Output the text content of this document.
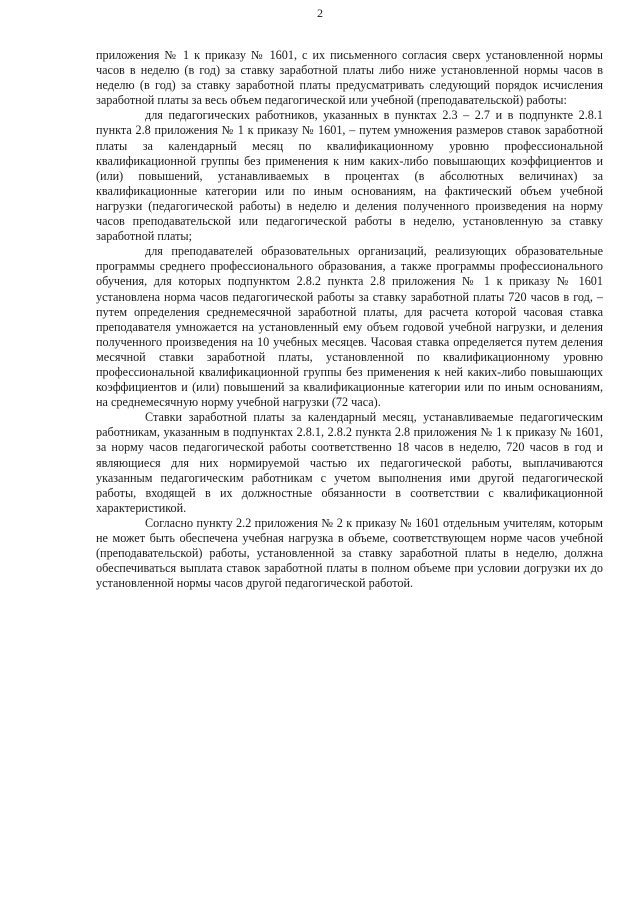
2

приложения № 1 к приказу № 1601, с их письменного согласия сверх установленной нормы часов в неделю (в год) за ставку заработной платы либо ниже установленной нормы часов в неделю (в год) за ставку заработной платы предусматривать следующий порядок исчисления заработной платы за весь объем педагогической или учебной (преподавательской) работы:

для педагогических работников, указанных в пунктах 2.3 – 2.7 и в подпункте 2.8.1 пункта 2.8 приложения № 1 к приказу № 1601, – путем умножения размеров ставок заработной платы за календарный месяц по квалификационному уровню профессиональной квалификационной группы без применения к ним каких-либо повышающих коэффициентов и (или) повышений, устанавливаемых в процентах (в абсолютных величинах) за квалификационные категории или по иным основаниям, на фактический объем учебной нагрузки (педагогической работы) в неделю и деления полученного произведения на норму часов преподавательской или педагогической работы в неделю, установленную за ставку заработной платы;

для преподавателей образовательных организаций, реализующих образовательные программы среднего профессионального образования, а также программы профессионального обучения, для которых подпунктом 2.8.2 пункта 2.8 приложения № 1 к приказу № 1601 установлена норма часов педагогической работы за ставку заработной платы 720 часов в год, – путем определения среднемесячной заработной платы, для расчета которой часовая ставка преподавателя умножается на установленный ему объем годовой учебной нагрузки, и деления полученного произведения на 10 учебных месяцев. Часовая ставка определяется путем деления месячной ставки заработной платы, установленной по квалификационному уровню профессиональной квалификационной группы без применения к ней каких-либо повышающих коэффициентов и (или) повышений за квалификационные категории или по иным основаниям, на среднемесячную норму учебной нагрузки (72 часа).

Ставки заработной платы за календарный месяц, устанавливаемые педагогическим работникам, указанным в подпунктах 2.8.1, 2.8.2 пункта 2.8 приложения № 1 к приказу № 1601, за норму часов педагогической работы соответственно 18 часов в неделю, 720 часов в год и являющиеся для них нормируемой частью их педагогической работы, выплачиваются указанным педагогическим работникам с учетом выполнения ими другой педагогической работы, входящей в их должностные обязанности в соответствии с квалификационной характеристикой.

Согласно пункту 2.2 приложения № 2 к приказу № 1601 отдельным учителям, которым не может быть обеспечена учебная нагрузка в объеме, соответствующем норме часов учебной (преподавательской) работы, установленной за ставку заработной платы в неделю, должна обеспечиваться выплата ставок заработной платы в полном объеме при условии догрузки их до установленной нормы часов другой педагогической работой.
